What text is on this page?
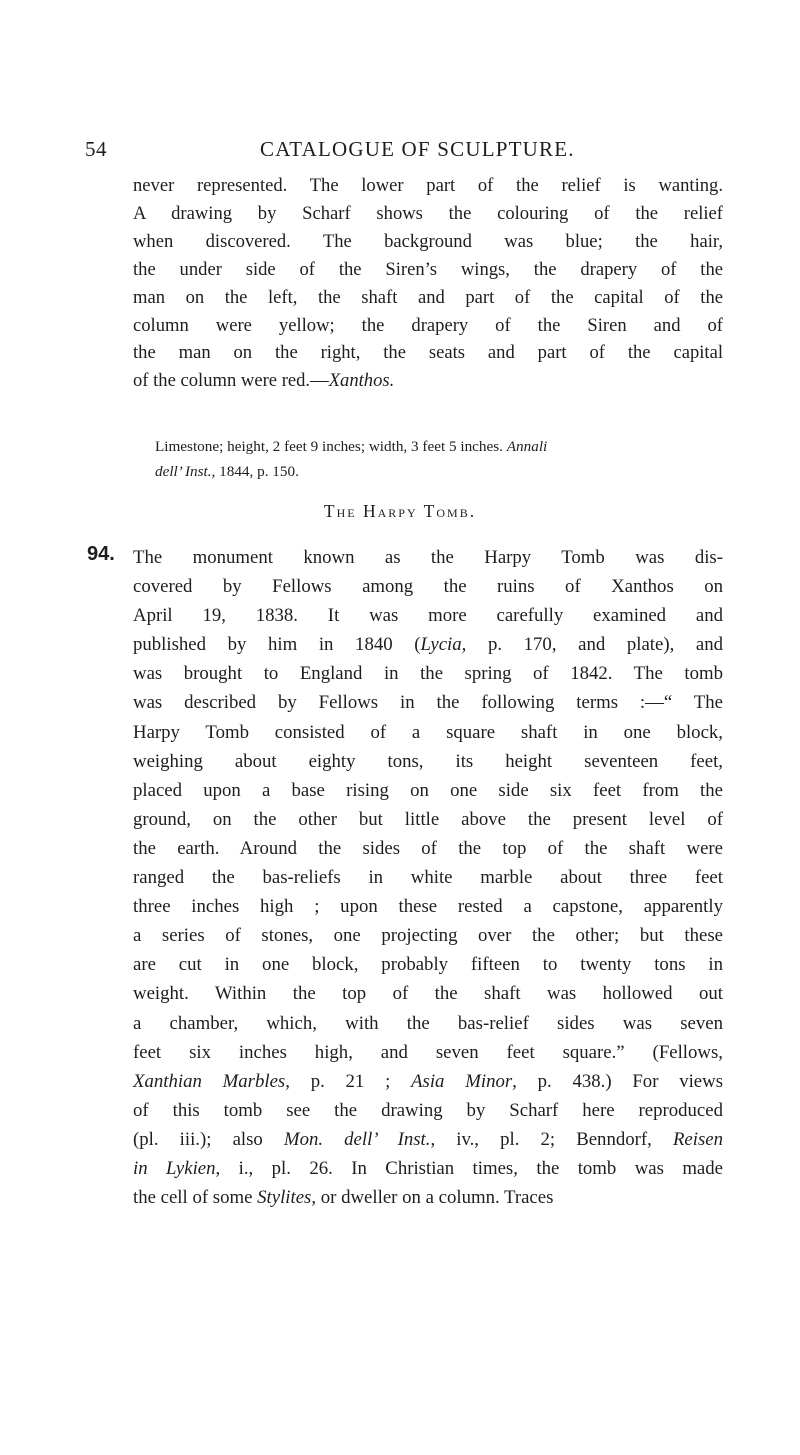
54	CATALOGUE OF SCULPTURE.
never represented. The lower part of the relief is wanting.
A drawing by Scharf shows the colouring of the relief
when discovered. The background was blue; the hair,
the under side of the Siren’s wings, the drapery of the
man on the left, the shaft and part of the capital of the
column were yellow; the drapery of the Siren and of
the man on the right, the seats and part of the capital
of the column were red.—Xanthos.
Limestone; height, 2 feet 9 inches; width, 3 feet 5 inches. Annali
dell’ Inst., 1844, p. 150.
The Harpy Tomb.
94. The monument known as the Harpy Tomb was dis-
covered by Fellows among the ruins of Xanthos on
April 19, 1838. It was more carefully examined and
published by him in 1840 (Lycia, p. 170, and plate), and
was brought to England in the spring of 1842. The tomb
was described by Fellows in the following terms :—“ The
Harpy Tomb consisted of a square shaft in one block,
weighing about eighty tons, its height seventeen feet,
placed upon a base rising on one side six feet from the
ground, on the other but little above the present level of
the earth. Around the sides of the top of the shaft were
ranged the bas-reliefs in white marble about three feet
three inches high ; upon these rested a capstone, apparently
a series of stones, one projecting over the other; but these
are cut in one block, probably fifteen to twenty tons in
weight. Within the top of the shaft was hollowed out
a chamber, which, with the bas-relief sides was seven
feet six inches high, and seven feet square.” (Fellows,
Xanthian Marbles, p. 21 ; Asia Minor, p. 438.) For views
of this tomb see the drawing by Scharf here reproduced
(pl. iii.); also Mon. dell’ Inst., iv., pl. 2; Benndorf, Reisen
in Lykien, i., pl. 26. In Christian times, the tomb was made
the cell of some Stylites, or dweller on a column. Traces
